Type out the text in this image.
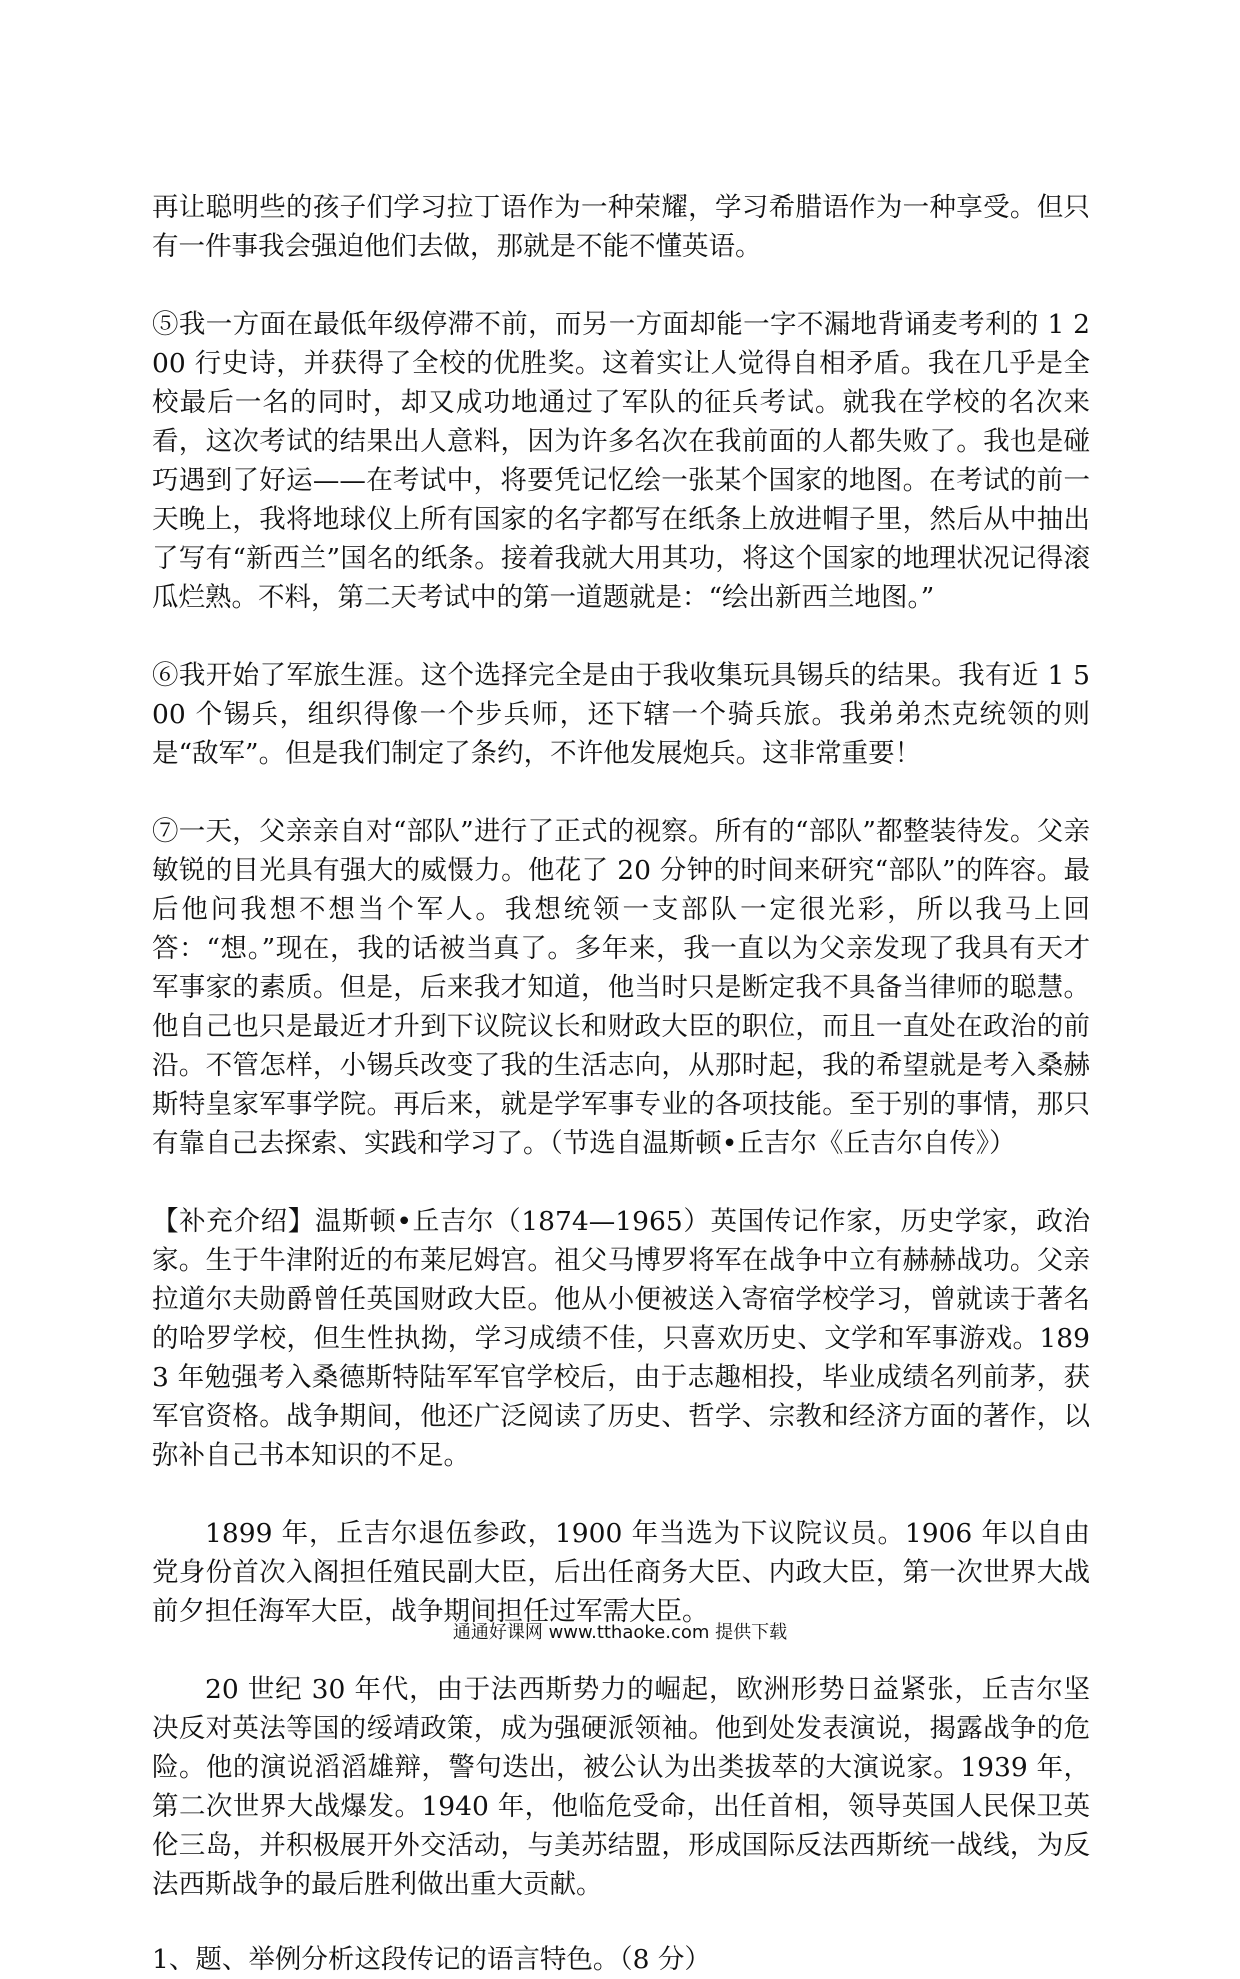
再让聪明些的孩子们学习拉丁语作为一种荣耀，学习希腊语作为一种享受。但只有一件事我会强迫他们去做，那就是不能不懂英语。

⑤我一方面在最低年级停滞不前，而另一方面却能一字不漏地背诵麦考利的 1 200 行史诗，并获得了全校的优胜奖。这着实让人觉得自相矛盾。我在几乎是全校最后一名的同时，却又成功地通过了军队的征兵考试。就我在学校的名次来看，这次考试的结果出人意料，因为许多名次在我前面的人都失败了。我也是碰巧遇到了好运——在考试中，将要凭记忆绘一张某个国家的地图。在考试的前一天晚上，我将地球仪上所有国家的名字都写在纸条上放进帽子里，然后从中抽出了写有“新西兰”国名的纸条。接着我就大用其功，将这个国家的地理状况记得滚瓜烂熟。不料，第二天考试中的第一道题就是：“绘出新西兰地图。”

⑥我开始了军旅生涯。这个选择完全是由于我收集玩具锡兵的结果。我有近 1 500 个锡兵，组织得像一个步兵师，还下辖一个骑兵旅。我弟弟杰克统领的则是“敌军”。但是我们制定了条约，不许他发展炮兵。这非常重要！

⑦一天，父亲亲自对“部队”进行了正式的视察。所有的“部队”都整装待发。父亲敏锐的目光具有强大的威慑力。他花了 20 分钟的时间来研究“部队”的阵容。最后他问我想不想当个军人。我想统领一支部队一定很光彩，所以我马上回答：“想。”现在，我的话被当真了。多年来，我一直以为父亲发现了我具有天才军事家的素质。但是，后来我才知道，他当时只是断定我不具备当律师的聪慧。他自己也只是最近才升到下议院议长和财政大臣的职位，而且一直处在政治的前沿。不管怎样，小锡兵改变了我的生活志向，从那时起，我的希望就是考入桑赫斯特皇家军事学院。再后来，就是学军事专业的各项技能。至于别的事情，那只有靠自己去探索、实践和学习了。（节选自温斯顿•丘吉尔《丘吉尔自传》）

【补充介绍】温斯顿•丘吉尔（1874—1965）英国传记作家，历史学家，政治家。生于牛津附近的布莱尼姆宫。祖父马博罗将军在战争中立有赫赫战功。父亲拉道尔夫勋爵曾任英国财政大臣。他从小便被送入寄宿学校学习，曾就读于著名的哈罗学校，但生性执拗，学习成绩不佳，只喜欢历史、文学和军事游戏。1893 年勉强考入桑德斯特陆军军官学校后，由于志趣相投，毕业成绩名列前茅，获军官资格。战争期间，他还广泛阅读了历史、哲学、宗教和经济方面的著作，以弥补自己书本知识的不足。

1899 年，丘吉尔退伍参政，1900 年当选为下议院议员。1906 年以自由党身份首次入阁担任殖民副大臣，后出任商务大臣、内政大臣，第一次世界大战前夕担任海军大臣，战争期间担任过军需大臣。

20 世纪 30 年代，由于法西斯势力的崛起，欧洲形势日益紧张，丘吉尔坚决反对英法等国的绥靖政策，成为强硬派领袖。他到处发表演说，揭露战争的危险。他的演说滔滔雄辩，警句迭出，被公认为出类拔萃的大演说家。1939 年，第二次世界大战爆发。1940 年，他临危受命，出任首相，领导英国人民保卫英伦三岛，并积极展开外交活动，与美苏结盟，形成国际反法西斯统一战线，为反法西斯战争的最后胜利做出重大贡献。

1、题、举例分析这段传记的语言特色。（8 分）

通通好课网 www.tthaoke.com 提供下载
